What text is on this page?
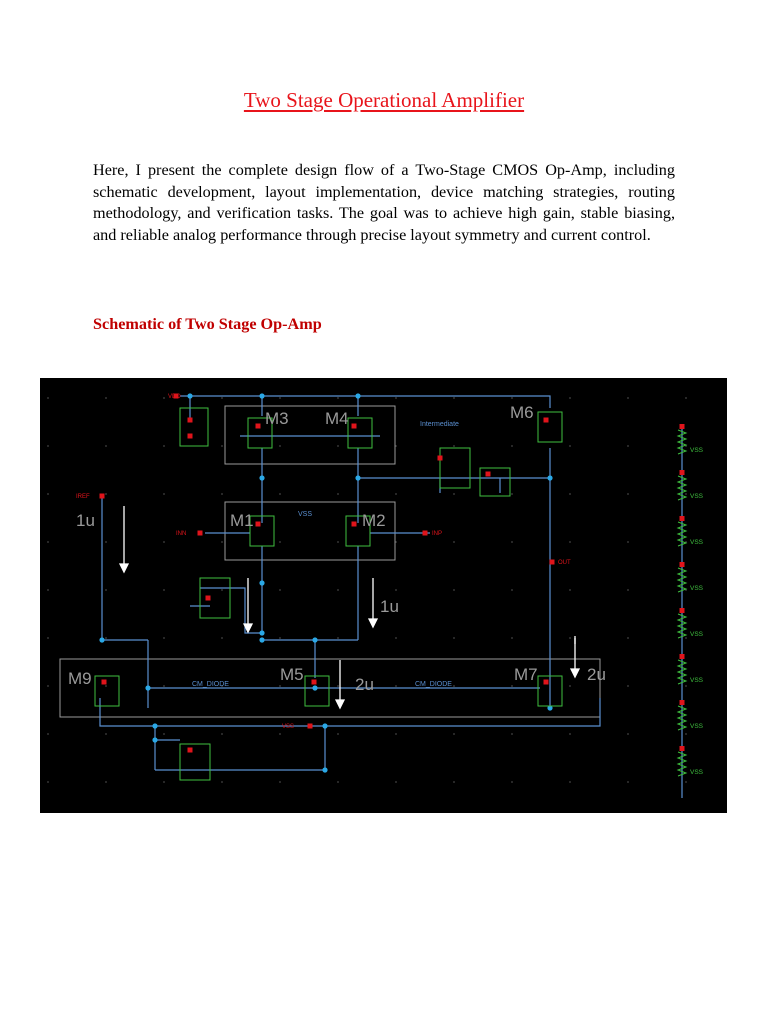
Two Stage Operational Amplifier

Here, I present the complete design flow of a Two-Stage CMOS Op-Amp, including schematic development, layout implementation, device matching strategies, routing methodology, and verification tasks. The goal was to achieve high gain, stable biasing, and reliable analog performance through precise layout symmetry and current control.

Schematic of Two Stage Op-Amp
M3 M4	M6
M1	M2
M9	M5	M7
1u
1u
2u
2u
Intermediate
VSS
CM_DIODE	CM_DIODE
VDD
IREF
INN	INP
OUT
VSS
VSS
VSS
VSS
VSS
VSS
VSS
VSS
VSS
